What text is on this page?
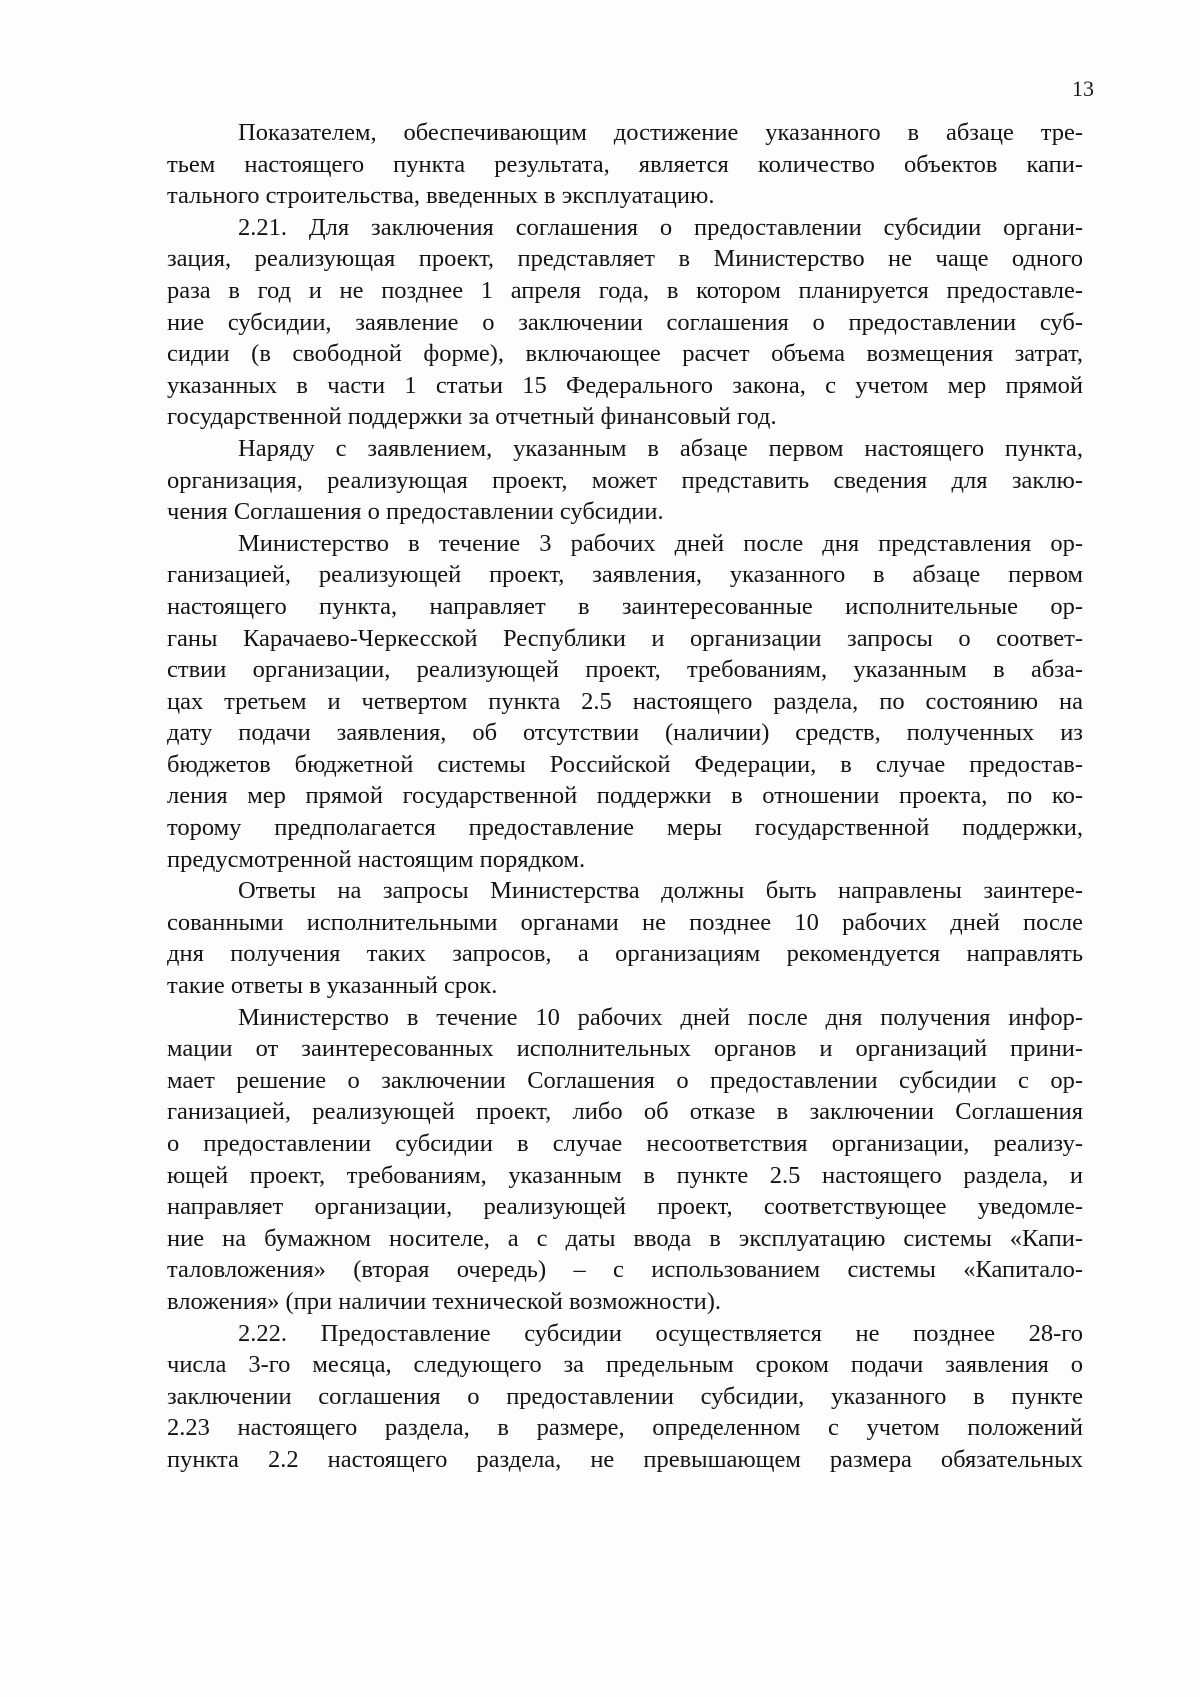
13
Показателем, обеспечивающим достижение указанного в абзаце тре-
тьем настоящего пункта результата, является количество объектов капи-
тального строительства, введенных в эксплуатацию.
2.21. Для заключения соглашения о предоставлении субсидии органи-
зация, реализующая проект, представляет в Министерство не чаще одного
раза в год и не позднее 1 апреля года, в котором планируется предоставле-
ние субсидии, заявление о заключении соглашения о предоставлении суб-
сидии (в свободной форме), включающее расчет объема возмещения затрат,
указанных в части 1 статьи 15 Федерального закона, с учетом мер прямой
государственной поддержки за отчетный финансовый год.
Наряду с заявлением, указанным в абзаце первом настоящего пункта,
организация, реализующая проект, может представить сведения для заклю-
чения Соглашения о предоставлении субсидии.
Министерство в течение 3 рабочих дней после дня представления ор-
ганизацией, реализующей проект, заявления, указанного в абзаце первом
настоящего пункта, направляет в заинтересованные исполнительные ор-
ганы Карачаево-Черкесской Республики и организации запросы о соответ-
ствии организации, реализующей проект, требованиям, указанным в абза-
цах третьем и четвертом пункта 2.5 настоящего раздела, по состоянию на
дату подачи заявления, об отсутствии (наличии) средств, полученных из
бюджетов бюджетной системы Российской Федерации, в случае предостав-
ления мер прямой государственной поддержки в отношении проекта, по ко-
торому предполагается предоставление меры государственной поддержки,
предусмотренной настоящим порядком.
Ответы на запросы Министерства должны быть направлены заинтере-
сованными исполнительными органами не позднее 10 рабочих дней после
дня получения таких запросов, а организациям рекомендуется направлять
такие ответы в указанный срок.
Министерство в течение 10 рабочих дней после дня получения инфор-
мации от заинтересованных исполнительных органов и организаций прини-
мает решение о заключении Соглашения о предоставлении субсидии с ор-
ганизацией, реализующей проект, либо об отказе в заключении Соглашения
о предоставлении субсидии в случае несоответствия организации, реализу-
ющей проект, требованиям, указанным в пункте 2.5 настоящего раздела, и
направляет организации, реализующей проект, соответствующее уведомле-
ние на бумажном носителе, а с даты ввода в эксплуатацию системы «Капи-
таловложения» (вторая очередь) – с использованием системы «Капитало-
вложения» (при наличии технической возможности).
2.22. Предоставление субсидии осуществляется не позднее 28-го
числа 3-го месяца, следующего за предельным сроком подачи заявления о
заключении соглашения о предоставлении субсидии, указанного в пункте
2.23 настоящего раздела, в размере, определенном с учетом положений
пункта 2.2 настоящего раздела, не превышающем размера обязательных
